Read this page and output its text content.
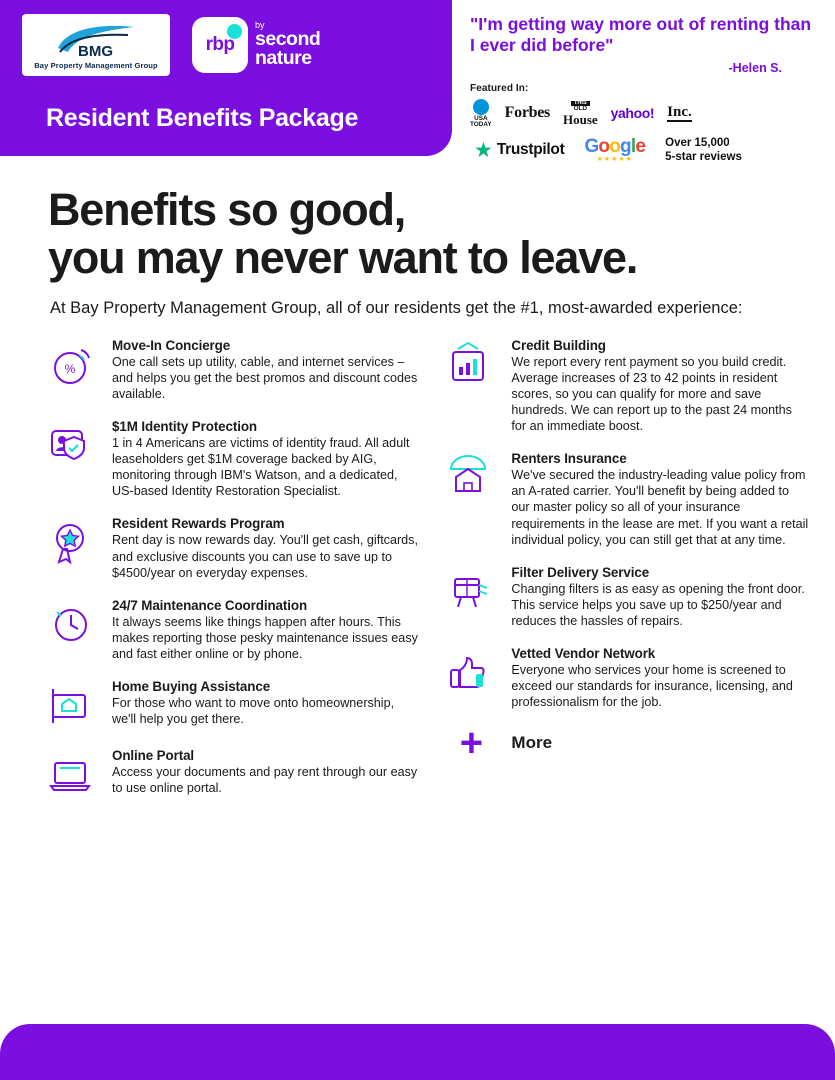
BMG
Bay Property Management Group
rbp
by
second
nature
Resident Benefits Package
"I'm getting way more out of renting than I ever did before"
-Helen S.
Featured In:
USA
TODAY
Forbes
THIS
OLD
House yahoo! Inc.
★ Trustpilot Google
★★★★★
Over 15,000
5-star reviews
Benefits so good,
you may never want to leave.
At Bay Property Management Group, all of our residents get the #1, most-awarded experience:
%
Move-In Concierge

One call sets up utility, cable, and internet services – and helps you get the best promos and discount codes available.

$1M Identity Protection

1 in 4 Americans are victims of identity fraud. All adult leaseholders get $1M coverage backed by AIG, monitoring through IBM's Watson, and a dedicated, US-based Identity Restoration Specialist.

Resident Rewards Program

Rent day is now rewards day. You'll get cash, giftcards, and exclusive discounts you can use to save up to $4500/year on everyday expenses.

24/7 Maintenance Coordination

It always seems like things happen after hours. This makes reporting those pesky maintenance issues easy and fast either online or by phone.

Home Buying Assistance

For those who want to move onto homeownership, we'll help you get there.

Online Portal

Access your documents and pay rent through our easy to use online portal.

Credit Building

We report every rent payment so you build credit. Average increases of 23 to 42 points in resident scores, so you can qualify for more and save hundreds. We can report up to the past 24 months for an immediate boost.

Renters Insurance

We've secured the industry-leading value policy from an A-rated carrier. You'll benefit by being added to our master policy so all of your insurance requirements in the lease are met. If you want a retail individual policy, you can still get that at any time.

Filter Delivery Service

Changing filters is as easy as opening the front door. This service helps you save up to $250/year and reduces the hassles of repairs.

Vetted Vendor Network

Everyone who services your home is screened to exceed our standards for insurance, licensing, and professionalism for the job.

+	More
